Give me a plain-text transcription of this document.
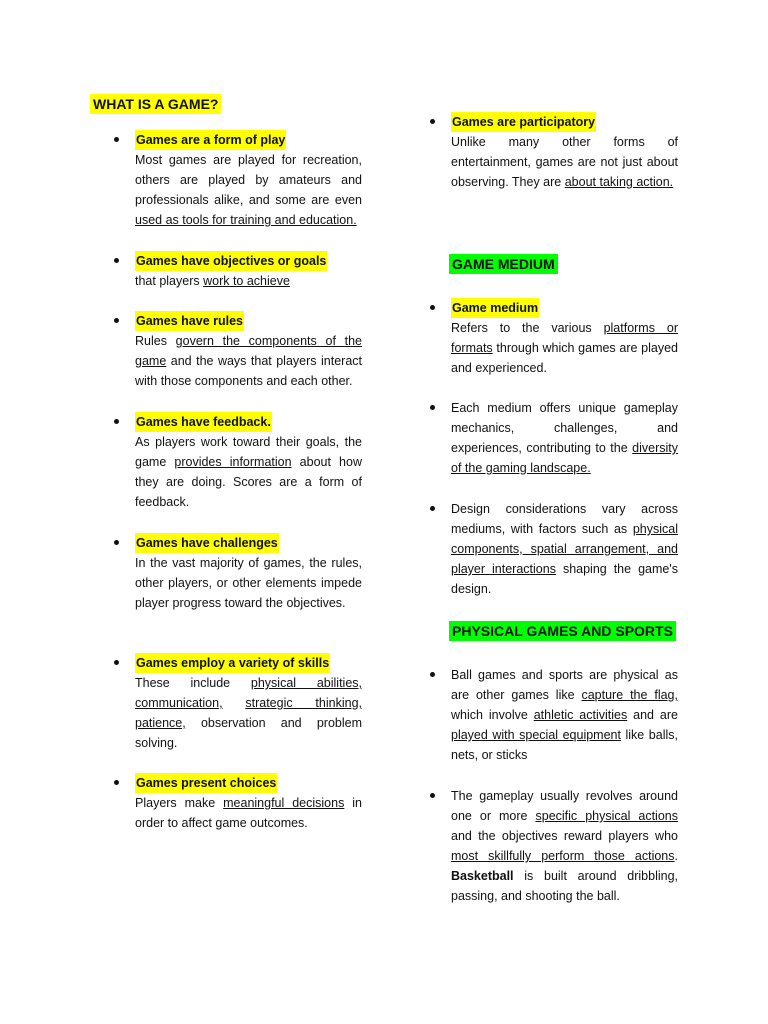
WHAT IS A GAME?
Games are a form of play
Most games are played for recreation, others are played by amateurs and professionals alike, and some are even used as tools for training and education.
Games have objectives or goals
that players work to achieve
Games have rules
Rules govern the components of the game and the ways that players interact with those components and each other.
Games have feedback.
As players work toward their goals, the game provides information about how they are doing. Scores are a form of feedback.
Games have challenges
In the vast majority of games, the rules, other players, or other elements impede player progress toward the objectives.
Games employ a variety of skills
These include physical abilities, communication, strategic thinking, patience, observation and problem solving.
Games present choices
Players make meaningful decisions in order to affect game outcomes.
Games are participatory
Unlike many other forms of entertainment, games are not just about observing. They are about taking action.
GAME MEDIUM
Game medium
Refers to the various platforms or formats through which games are played and experienced.
Each medium offers unique gameplay mechanics, challenges, and experiences, contributing to the diversity of the gaming landscape.
Design considerations vary across mediums, with factors such as physical components, spatial arrangement, and player interactions shaping the game's design.
PHYSICAL GAMES AND SPORTS
Ball games and sports are physical as are other games like capture the flag, which involve athletic activities and are played with special equipment like balls, nets, or sticks
The gameplay usually revolves around one or more specific physical actions and the objectives reward players who most skillfully perform those actions. Basketball is built around dribbling, passing, and shooting the ball.
